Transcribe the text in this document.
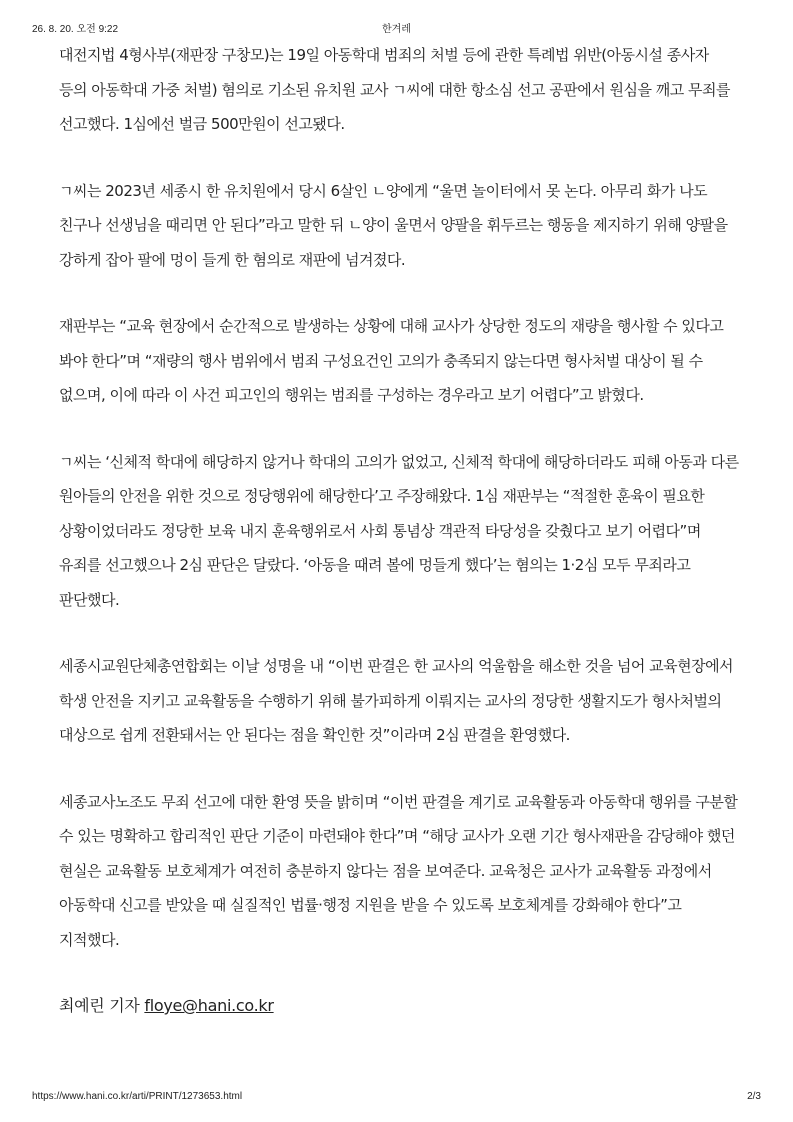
26. 8. 20. 오전 9:22	한겨레

대전지법 4형사부(재판장 구창모)는 19일 아동학대 범죄의 처벌 등에 관한 특례법 위반(아동시설 종사자 등의 아동학대 가중 처벌) 혐의로 기소된 유치원 교사 ㄱ씨에 대한 항소심 선고 공판에서 원심을 깨고 무죄를 선고했다. 1심에선 벌금 500만원이 선고됐다.

ㄱ씨는 2023년 세종시 한 유치원에서 당시 6살인 ㄴ양에게 “울면 놀이터에서 못 논다. 아무리 화가 나도 친구나 선생님을 때리면 안 된다”라고 말한 뒤 ㄴ양이 울면서 양팔을 휘두르는 행동을 제지하기 위해 양팔을 강하게 잡아 팔에 멍이 들게 한 혐의로 재판에 넘겨졌다.

재판부는 “교육 현장에서 순간적으로 발생하는 상황에 대해 교사가 상당한 정도의 재량을 행사할 수 있다고 봐야 한다”며 “재량의 행사 범위에서 범죄 구성요건인 고의가 충족되지 않는다면 형사처벌 대상이 될 수 없으며, 이에 따라 이 사건 피고인의 행위는 범죄를 구성하는 경우라고 보기 어렵다”고 밝혔다.

ㄱ씨는 ‘신체적 학대에 해당하지 않거나 학대의 고의가 없었고, 신체적 학대에 해당하더라도 피해 아동과 다른 원아들의 안전을 위한 것으로 정당행위에 해당한다’고 주장해왔다. 1심 재판부는 “적절한 훈육이 필요한 상황이었더라도 정당한 보육 내지 훈육행위로서 사회 통념상 객관적 타당성을 갖췄다고 보기 어렵다”며 유죄를 선고했으나 2심 판단은 달랐다. ‘아동을 때려 볼에 멍들게 했다’는 혐의는 1·2심 모두 무죄라고 판단했다.

세종시교원단체총연합회는 이날 성명을 내 “이번 판결은 한 교사의 억울함을 해소한 것을 넘어 교육현장에서 학생 안전을 지키고 교육활동을 수행하기 위해 불가피하게 이뤄지는 교사의 정당한 생활지도가 형사처벌의 대상으로 쉽게 전환돼서는 안 된다는 점을 확인한 것”이라며 2심 판결을 환영했다.

세종교사노조도 무죄 선고에 대한 환영 뜻을 밝히며 “이번 판결을 계기로 교육활동과 아동학대 행위를 구분할 수 있는 명확하고 합리적인 판단 기준이 마련돼야 한다”며 “해당 교사가 오랜 기간 형사재판을 감당해야 했던 현실은 교육활동 보호체계가 여전히 충분하지 않다는 점을 보여준다. 교육청은 교사가 교육활동 과정에서 아동학대 신고를 받았을 때 실질적인 법률·행정 지원을 받을 수 있도록 보호체계를 강화해야 한다”고 지적했다.

최예린 기자 floye@hani.co.kr

https://www.hani.co.kr/arti/PRINT/1273653.html	2/3
